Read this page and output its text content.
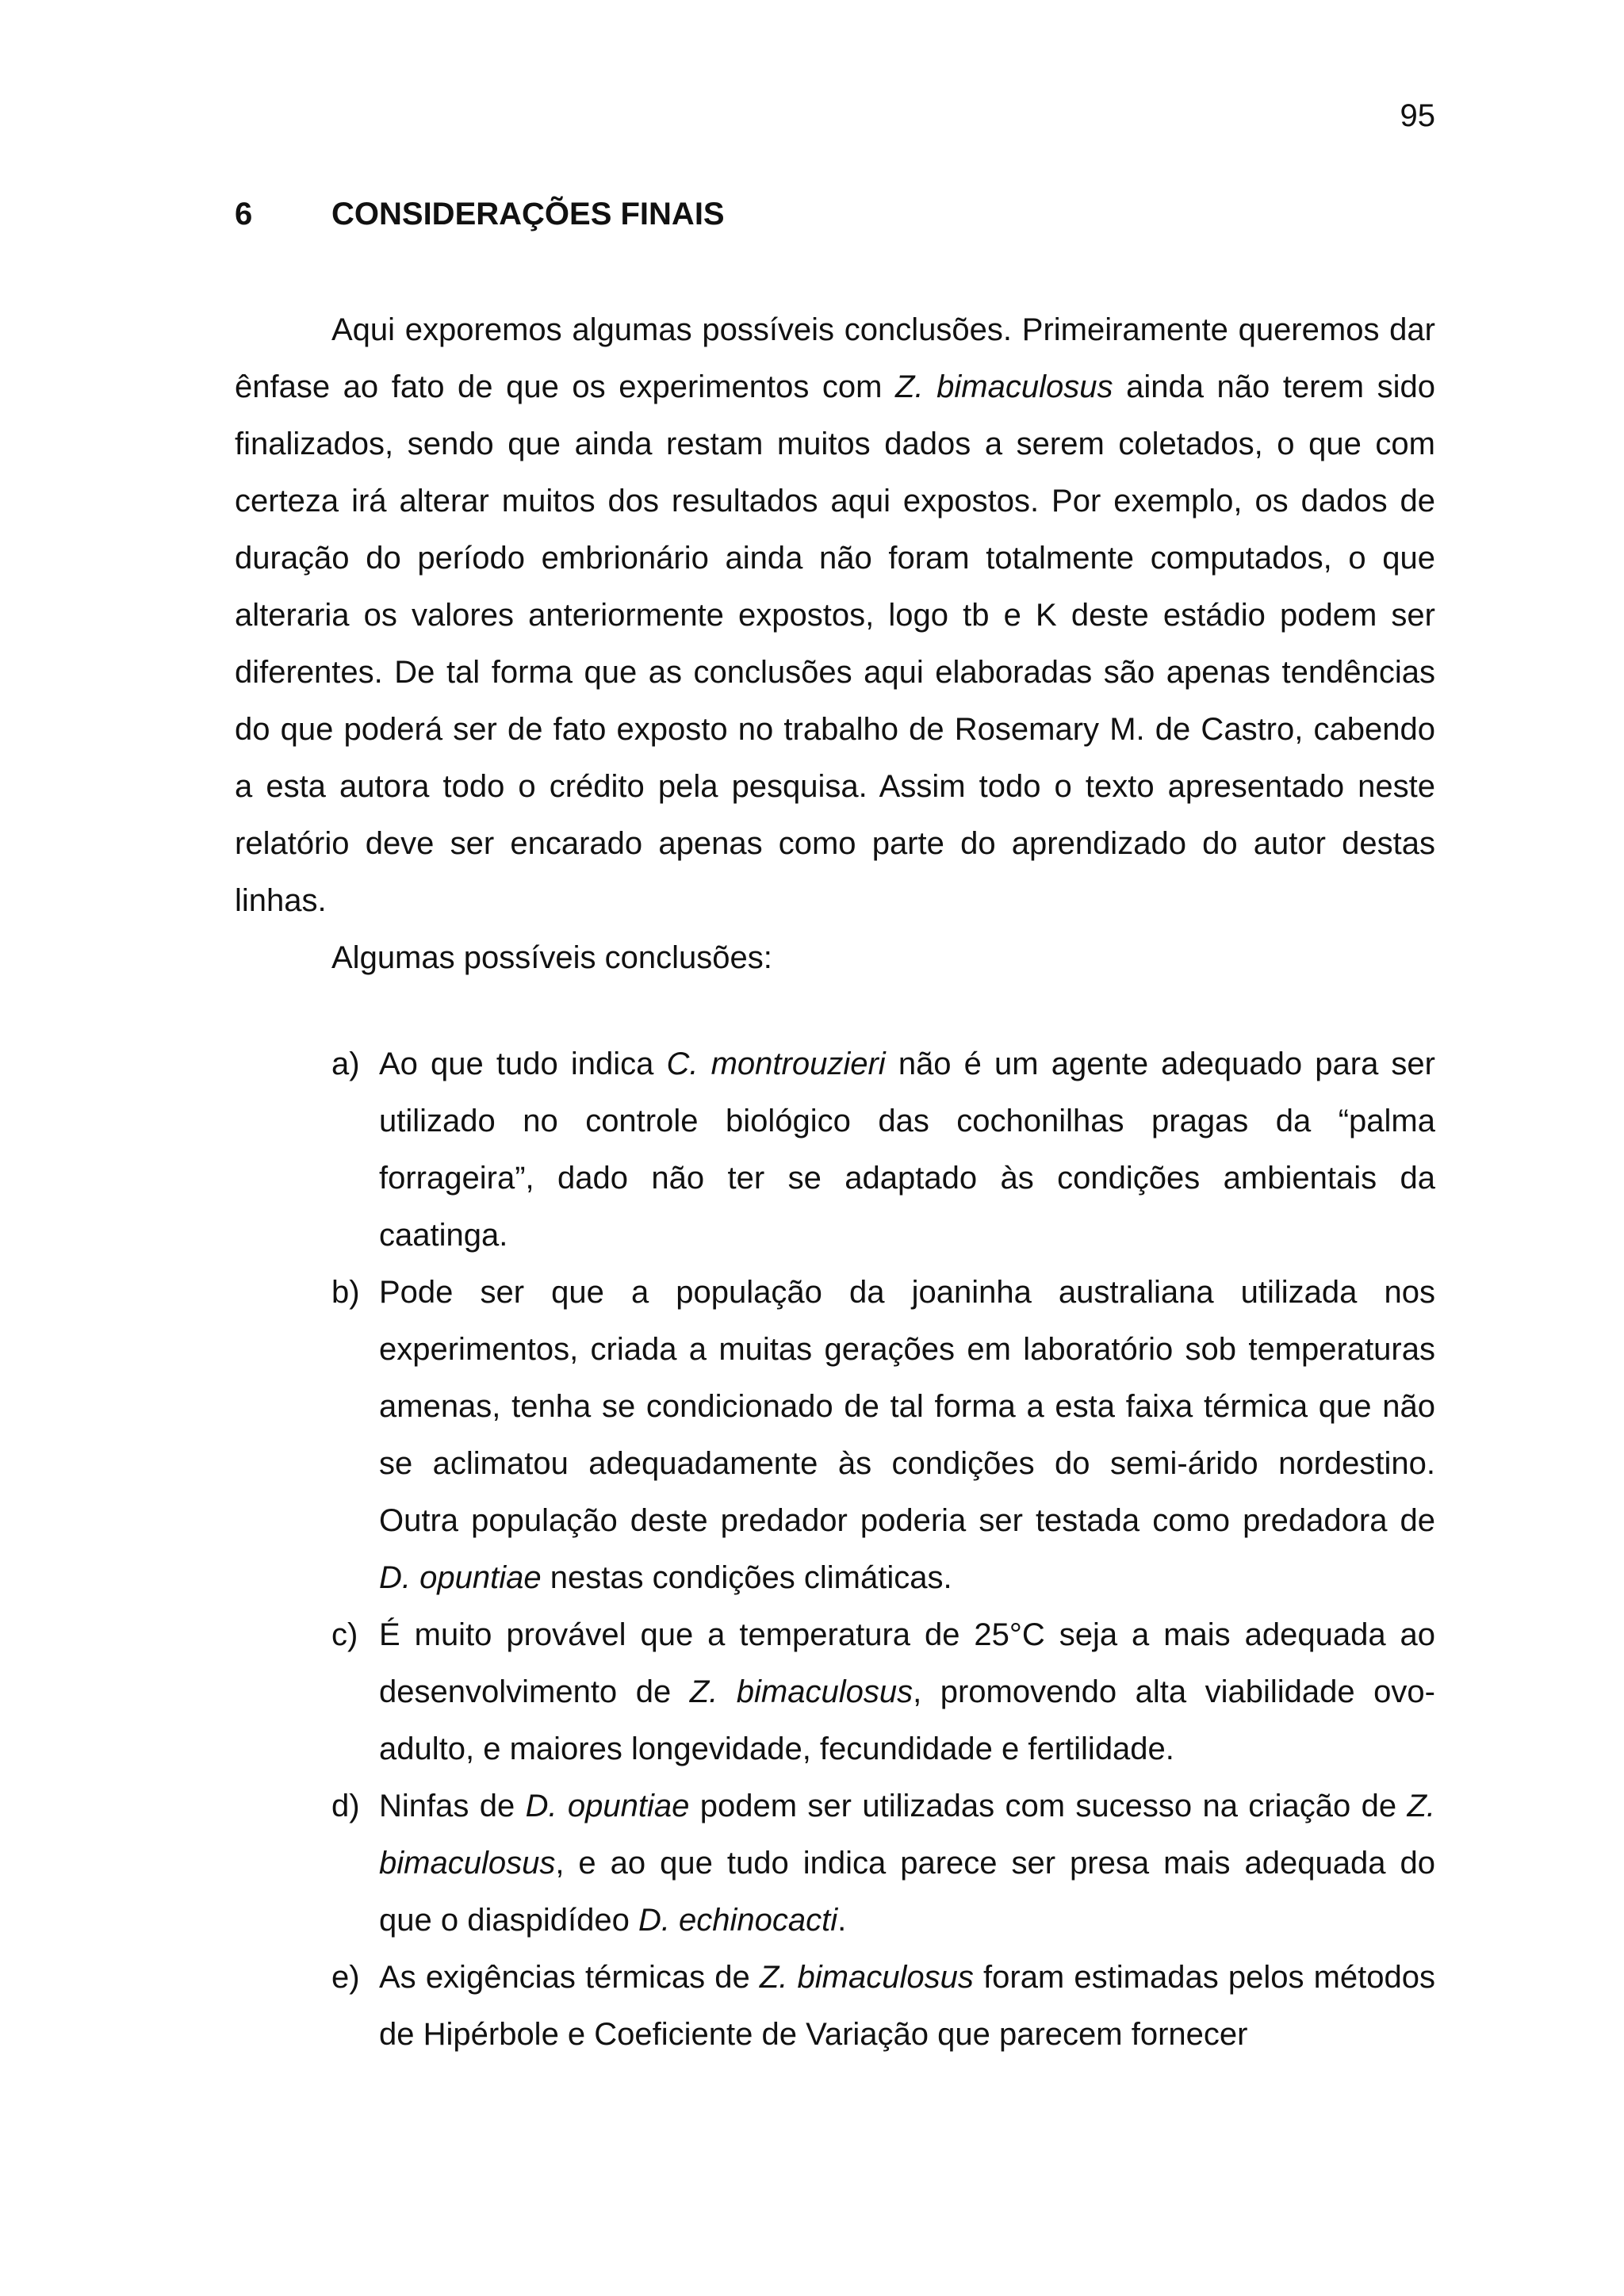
95
6	CONSIDERAÇÕES FINAIS

Aqui exporemos algumas possíveis conclusões. Primeiramente queremos dar ênfase ao fato de que os experimentos com Z. bimaculosus ainda não terem sido finalizados, sendo que ainda restam muitos dados a serem coletados, o que com certeza irá alterar muitos dos resultados aqui expostos. Por exemplo, os dados de duração do período embrionário ainda não foram totalmente computados, o que alteraria os valores anteriormente expostos, logo tb e K deste estádio podem ser diferentes. De tal forma que as conclusões aqui elaboradas são apenas tendências do que poderá ser de fato exposto no trabalho de Rosemary M. de Castro, cabendo a esta autora todo o crédito pela pesquisa. Assim todo o texto apresentado neste relatório deve ser encarado apenas como parte do aprendizado do autor destas linhas.

Algumas possíveis conclusões:

a) Ao que tudo indica C. montrouzieri não é um agente adequado para ser utilizado no controle biológico das cochonilhas pragas da “palma forrageira”, dado não ter se adaptado às condições ambientais da caatinga.
b) Pode ser que a população da joaninha australiana utilizada nos experimentos, criada a muitas gerações em laboratório sob temperaturas amenas, tenha se condicionado de tal forma a esta faixa térmica que não se aclimatou adequadamente às condições do semi-árido nordestino. Outra população deste predador poderia ser testada como predadora de D. opuntiae nestas condições climáticas.
c) É muito provável que a temperatura de 25°C seja a mais adequada ao desenvolvimento de Z. bimaculosus, promovendo alta viabilidade ovo-adulto, e maiores longevidade, fecundidade e fertilidade.
d) Ninfas de D. opuntiae podem ser utilizadas com sucesso na criação de Z. bimaculosus, e ao que tudo indica parece ser presa mais adequada do que o diaspidídeo D. echinocacti.
e) As exigências térmicas de Z. bimaculosus foram estimadas pelos métodos de Hipérbole e Coeficiente de Variação que parecem fornecer
